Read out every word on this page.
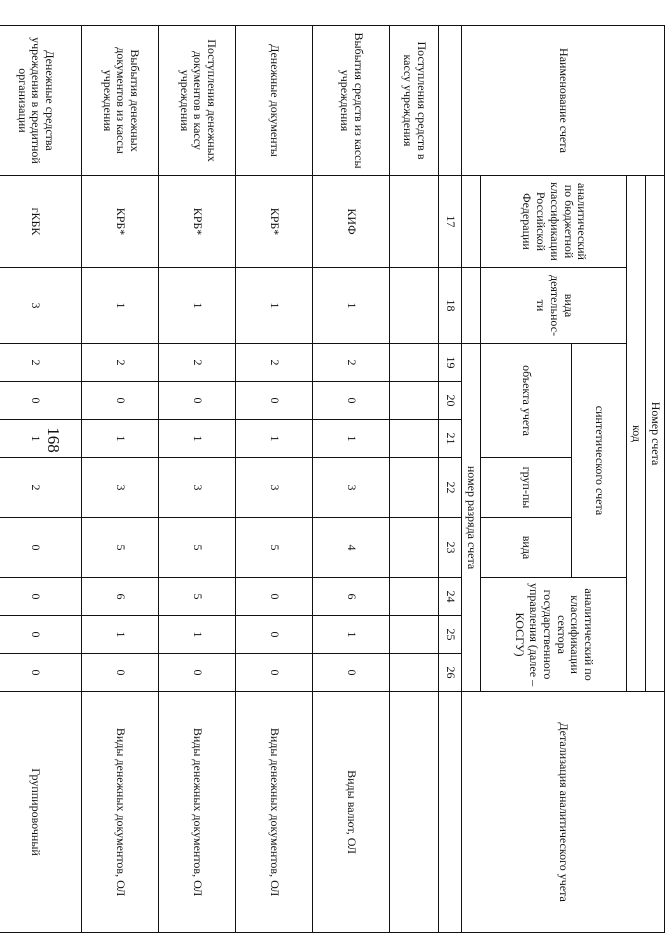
168
Наименование счета	Номер счета										Детализация аналитического учета
	код										
	аналитический по бюджетной классификации Российской Федерации	вида деятельнос-ти	синтетического счета					аналитический по классификации сектора государственного управления (далее – КОСГУ)			
			объекта учета			груп-пы	вида				
			номер разряда счета								
	17	18	19	20	21	22	23	24	25	26	
Поступления средств в кассу учреждения											
Выбытия средств из кассы учреждения	КИФ	1	2	0	1	3	4	6	1	0	Виды валют, ОЛ
Денежные документы	КРБ*	1	2	0	1	3	5	0	0	0	Виды денежных документов, ОЛ
Поступления денежных документов в кассу учреждения	КРБ*	1	2	0	1	3	5	5	1	0	Виды денежных документов, ОЛ
Выбытия денежных документов из кассы учреждения	КРБ*	1	2	0	1	3	5	6	1	0	Виды денежных документов, ОЛ
Денежные средства учреждения в кредитной организации	гКБК	3	2	0	1	2	0	0	0	0	Группировочный
